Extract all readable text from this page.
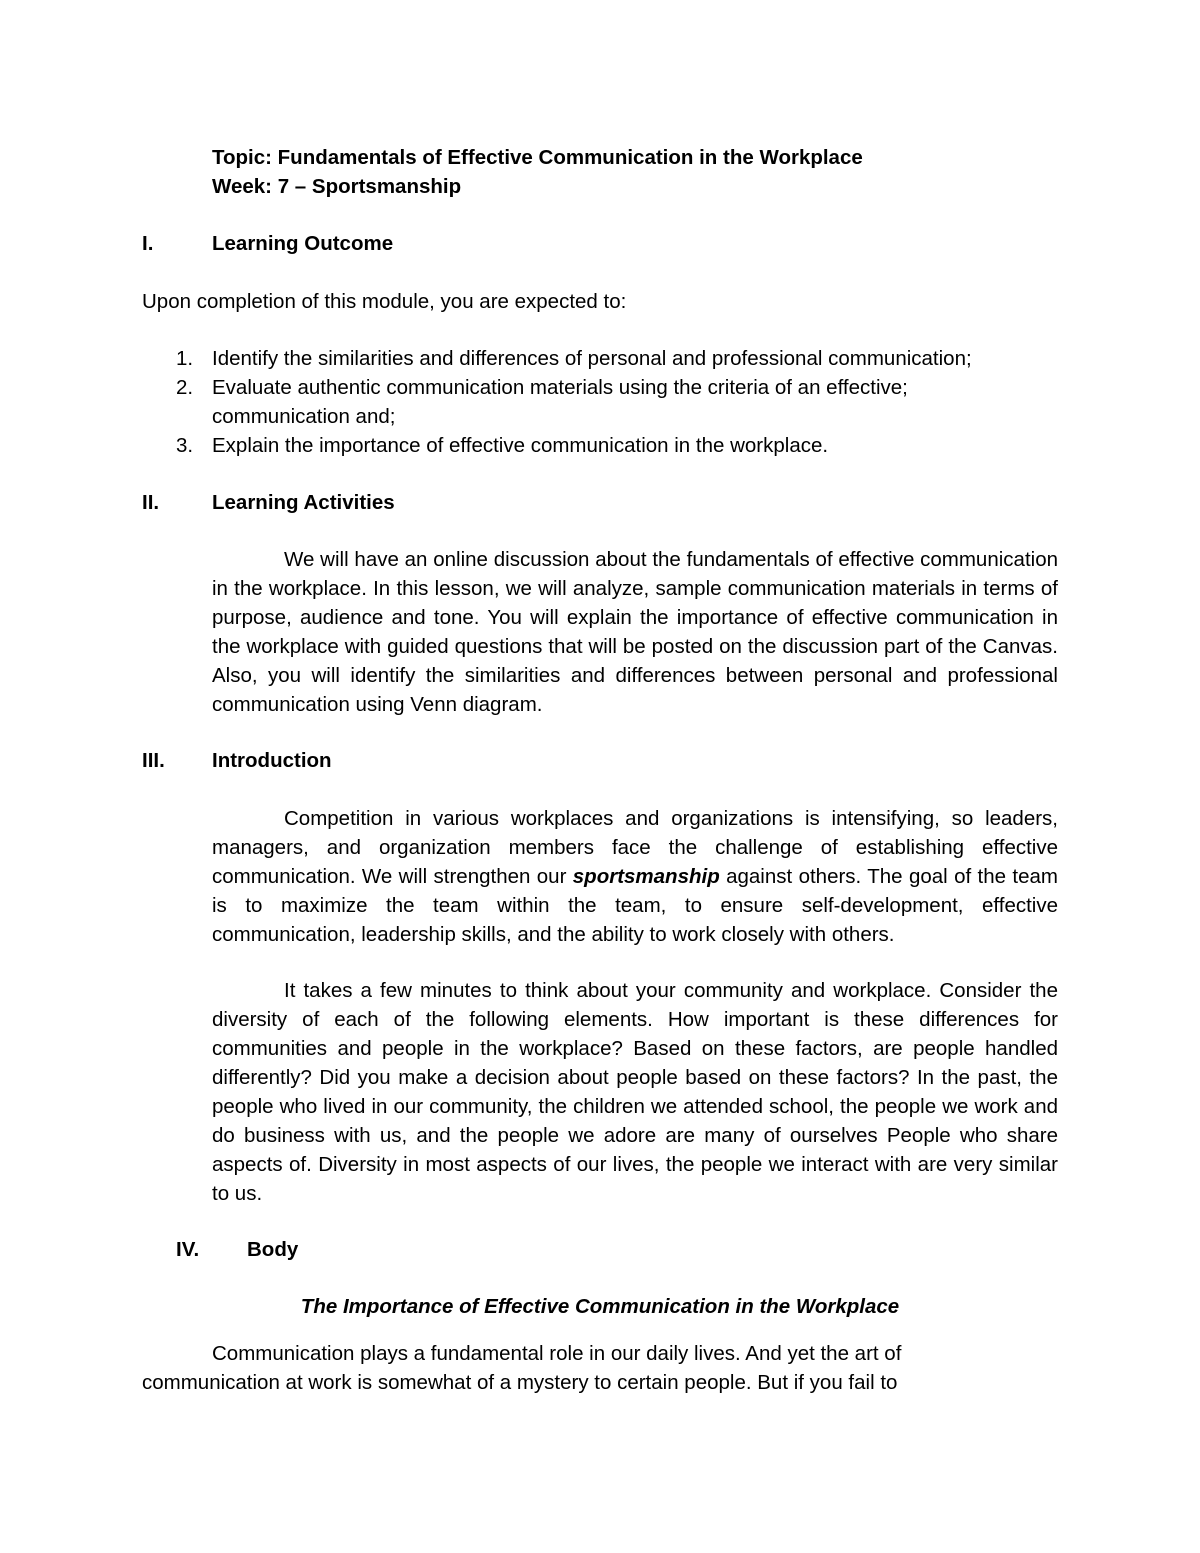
Topic: Fundamentals of Effective Communication in the Workplace
Week: 7 – Sportsmanship
I.	Learning Outcome
Upon completion of this module, you are expected to:
1. Identify the similarities and differences of personal and professional communication;
2. Evaluate authentic communication materials using the criteria of an effective;
communication and;
3. Explain the importance of effective communication in the workplace.
II.	Learning Activities
We will have an online discussion about the fundamentals of effective communication in the workplace. In this lesson, we will analyze, sample communication materials in terms of purpose, audience and tone. You will explain the importance of effective communication in the workplace with guided questions that will be posted on the discussion part of the Canvas. Also, you will identify the similarities and differences between personal and professional communication using Venn diagram.
III. Introduction
Competition in various workplaces and organizations is intensifying, so leaders, managers, and organization members face the challenge of establishing effective communication. We will strengthen our sportsmanship against others. The goal of the team is to maximize the team within the team, to ensure self-development, effective communication, leadership skills, and the ability to work closely with others.
It takes a few minutes to think about your community and workplace. Consider the diversity of each of the following elements. How important is these differences for communities and people in the workplace? Based on these factors, are people handled differently? Did you make a decision about people based on these factors? In the past, the people who lived in our community, the children we attended school, the people we work and do business with us, and the people we adore are many of ourselves People who share aspects of. Diversity in most aspects of our lives, the people we interact with are very similar to us.
IV. Body
The Importance of Effective Communication in the Workplace
Communication plays a fundamental role in our daily lives. And yet the art of
communication at work is somewhat of a mystery to certain people. But if you fail to
